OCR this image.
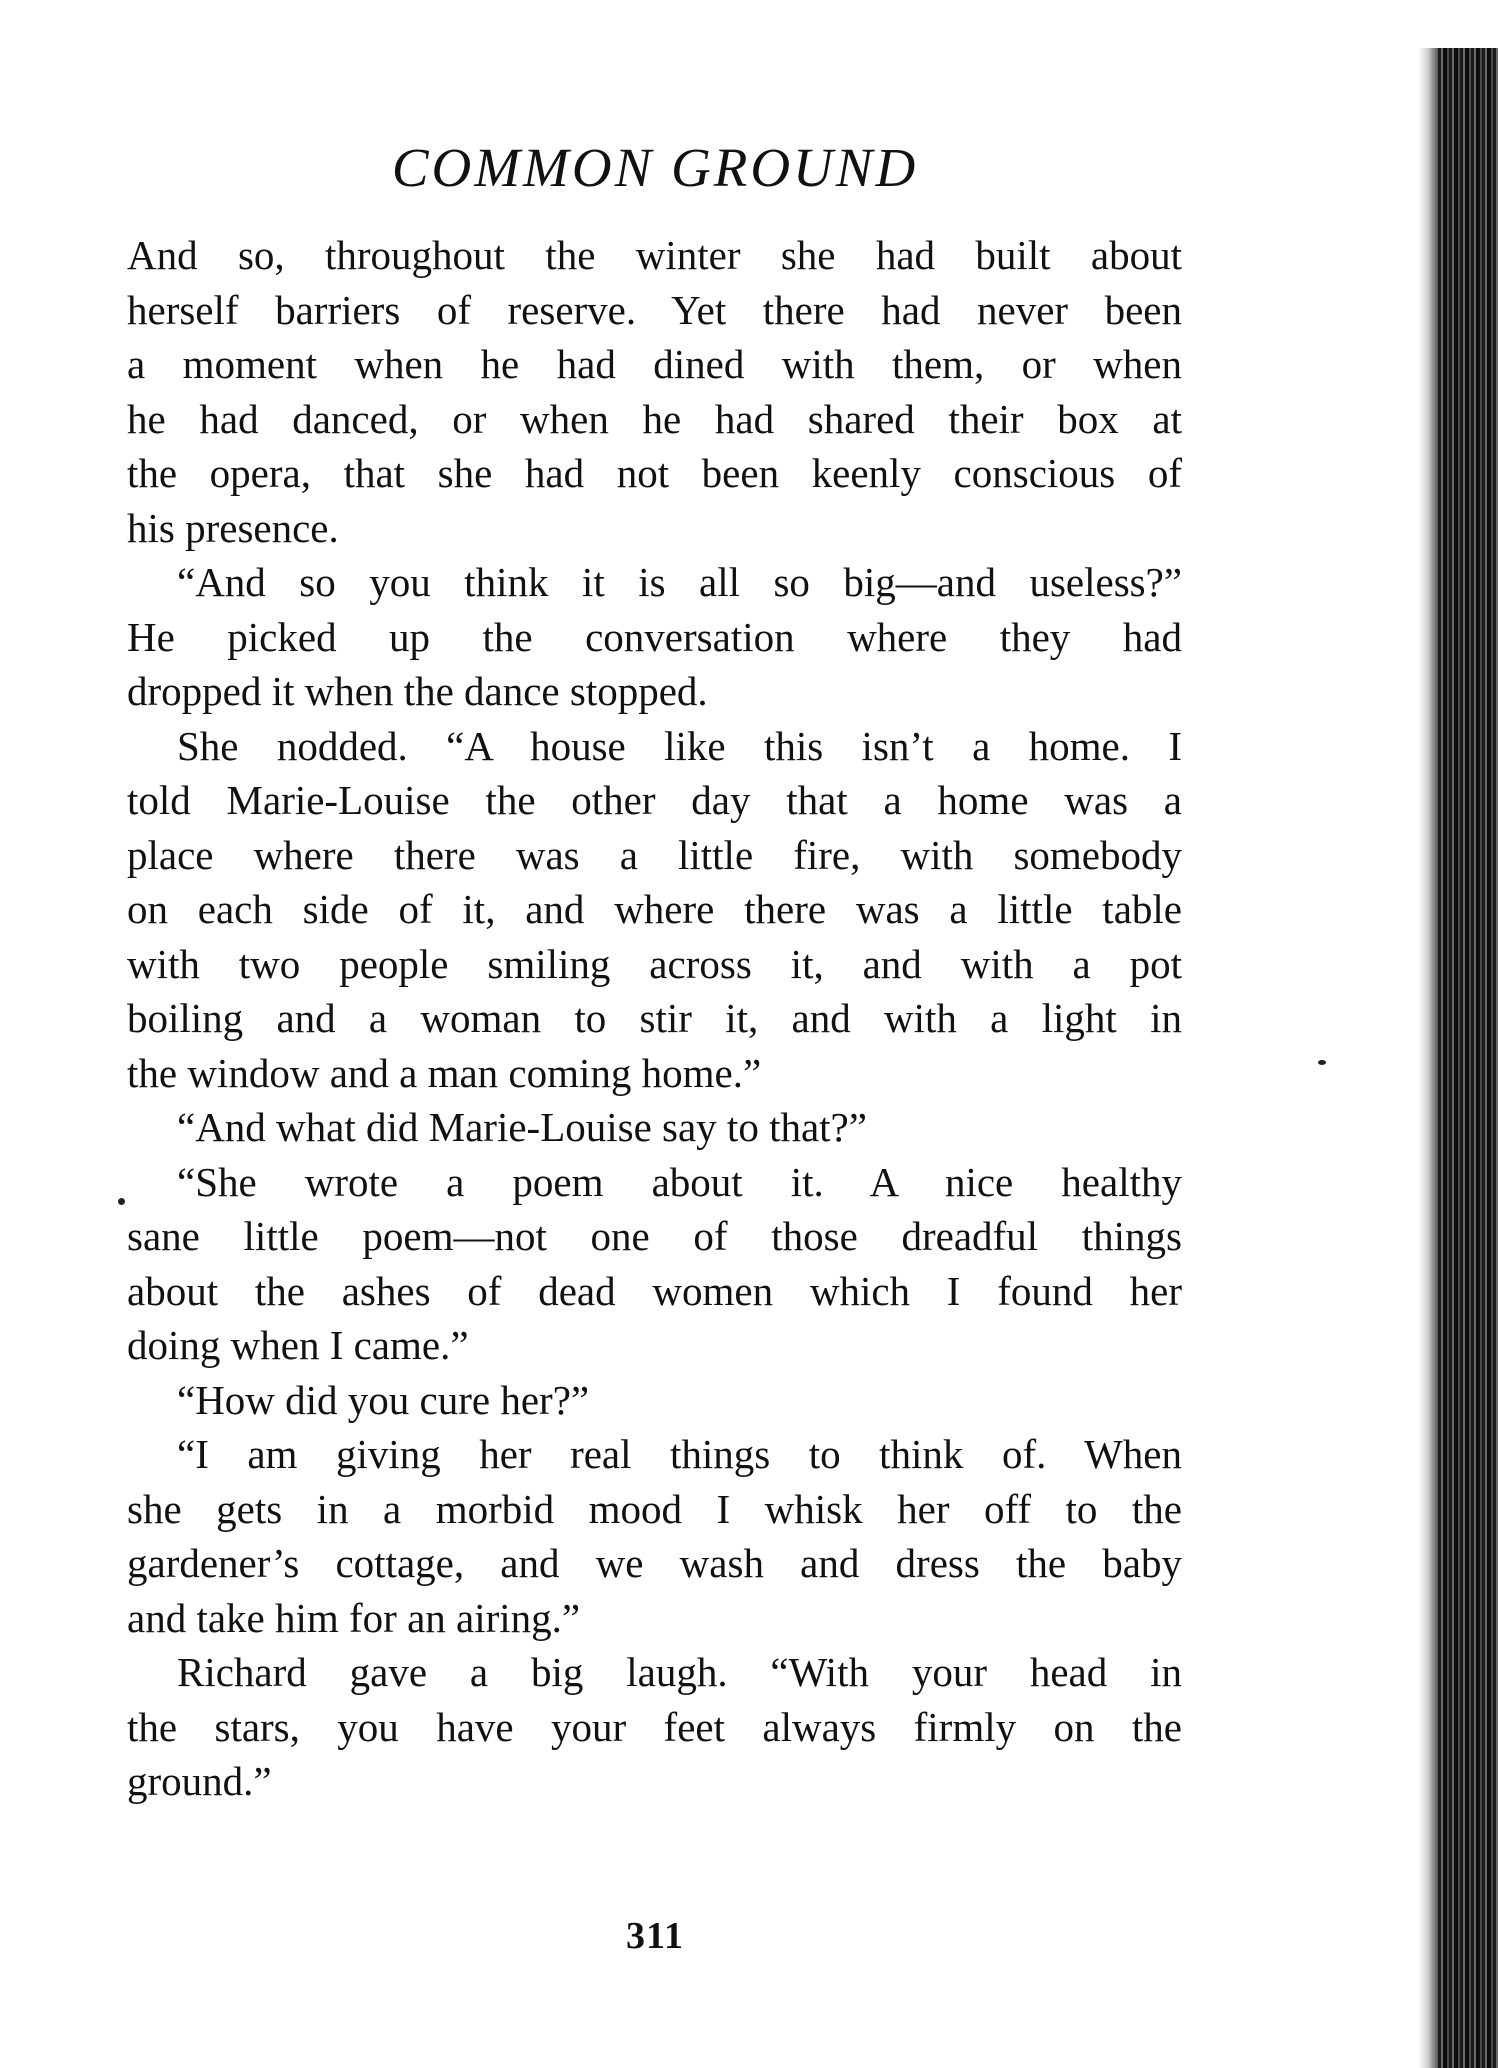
COMMON GROUND
And so, throughout the winter she had built about
herself barriers of reserve. Yet there had never been
a moment when he had dined with them, or when
he had danced, or when he had shared their box at
the opera, that she had not been keenly conscious of
his presence.
“And so you think it is all so big—and useless?”
He picked up the conversation where they had
dropped it when the dance stopped.
She nodded. “A house like this isn’t a home. I
told Marie-Louise the other day that a home was a
place where there was a little fire, with somebody
on each side of it, and where there was a little table
with two people smiling across it, and with a pot
boiling and a woman to stir it, and with a light in
the window and a man coming home.”
“And what did Marie-Louise say to that?”
“She wrote a poem about it. A nice healthy
sane little poem—not one of those dreadful things
about the ashes of dead women which I found her
doing when I came.”
“How did you cure her?”
“I am giving her real things to think of. When
she gets in a morbid mood I whisk her off to the
gardener’s cottage, and we wash and dress the baby
and take him for an airing.”
Richard gave a big laugh. “With your head in
the stars, you have your feet always firmly on the
ground.”
311
